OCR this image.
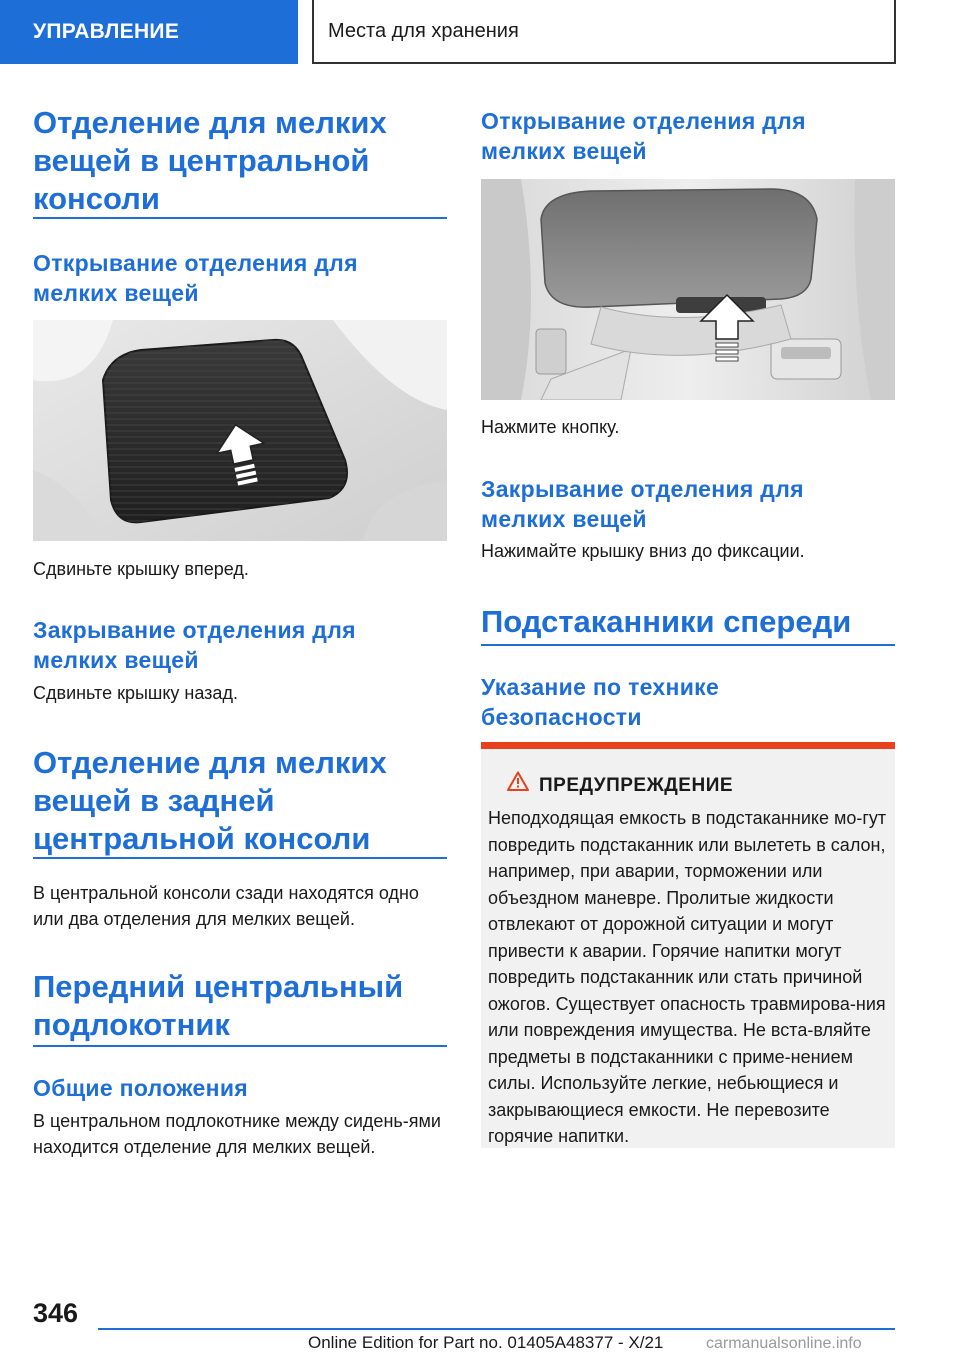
УПРАВЛЕНИЕ	Места для хранения
Отделение для мелких вещей в центральной консоли
Открывание отделения для мелких вещей

Сдвиньте крышку вперед.

Закрывание отделения для мелких вещей

Сдвиньте крышку назад.

Отделение для мелких вещей в задней центральной консоли

В центральной консоли сзади находятся одно или два отделения для мелких вещей.

Передний центральный подлокотник
Общие положения

В центральном подлокотнике между сидень-ями находится отделение для мелких вещей.

Открывание отделения для мелких вещей

Нажмите кнопку.

Закрывание отделения для мелких вещей

Нажимайте крышку вниз до фиксации.

Подстаканники спереди
Указание по технике безопасности
ПРЕДУПРЕЖДЕНИЕ
Неподходящая емкость в подстаканнике мо-гут повредить подстаканник или вылететь в салон, например, при аварии, торможении или объездном маневре. Пролитые жидкости отвлекают от дорожной ситуации и могут привести к аварии. Горячие напитки могут повредить подстаканник или стать причиной ожогов. Существует опасность травмирова-ния или повреждения имущества. Не вста-вляйте предметы в подстаканники с приме-нением силы. Используйте легкие, небьющиеся и закрывающиеся емкости. Не перевозите горячие напитки.
346
Online Edition for Part no. 01405A48377 - X/21	carmanualsonline.info
